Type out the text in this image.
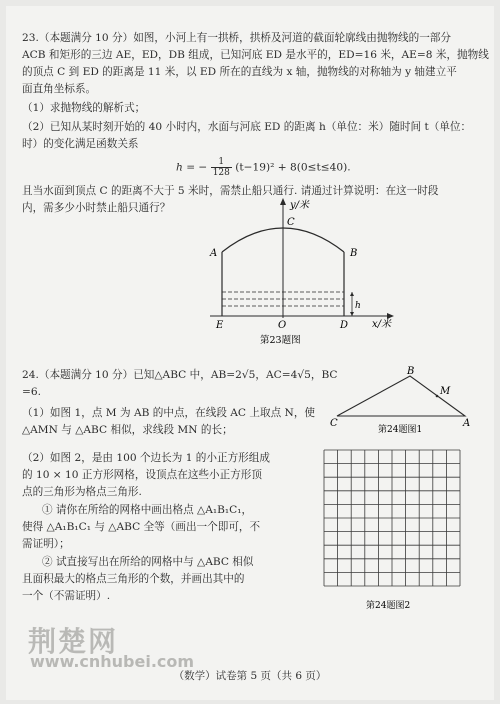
23.（本题满分 10 分）如图，小河上有一拱桥，拱桥及河道的截面轮廓线由抛物线的一部分
ACB 和矩形的三边 AE，ED，DB 组成，已知河底 ED 是水平的，ED=16 米，AE=8 米，抛物线
的顶点 C 到 ED 的距离是 11 米，以 ED 所在的直线为 x 轴，抛物线的对称轴为 y 轴建立平
面直角坐标系。
（1）求抛物线的解析式；
（2）已知从某时刻开始的 40 小时内，水面与河底 ED 的距离 h（单位：米）随时间 t（单位：
时）的变化满足函数关系
h = − $\frac{1}{128} (t-19)^2 + 8(0\le t\le 40)$.
且当水面到顶点 C 的距离不大于 5 米时，需禁止船只通行. 请通过计算说明：在这一时段
内，需多少小时禁止船只通行？	y/米
x/米
h
C
A	B
E	O	D
第23题图
24.（本题满分 10 分）已知△ABC 中，AB=2√5，AC=4√5，BC
=6.
（1）如图 1，点 M 为 AB 的中点，在线段 AC 上取点 N，使
△AMN 与 △ABC 相似，求线段 MN 的长；
（2）如图 2，是由 100 个边长为 1 的小正方形组成
的 10 × 10 正方形网格，设顶点在这些小正方形顶
点的三角形为格点三角形.
① 请你在所给的网格中画出格点 △A₁B₁C₁，
使得 △A₁B₁C₁ 与 △ABC 全等（画出一个即可，不
需证明）；
② 试直接写出在所给的网格中与 △ABC 相似
且面积最大的格点三角形的个数，并画出其中的
一个（不需证明）.
B
M
C	A
第24题图1
第24题图2
（数学）试卷第 5 页（共 6 页）
荆楚网
www.cnhubei.com
